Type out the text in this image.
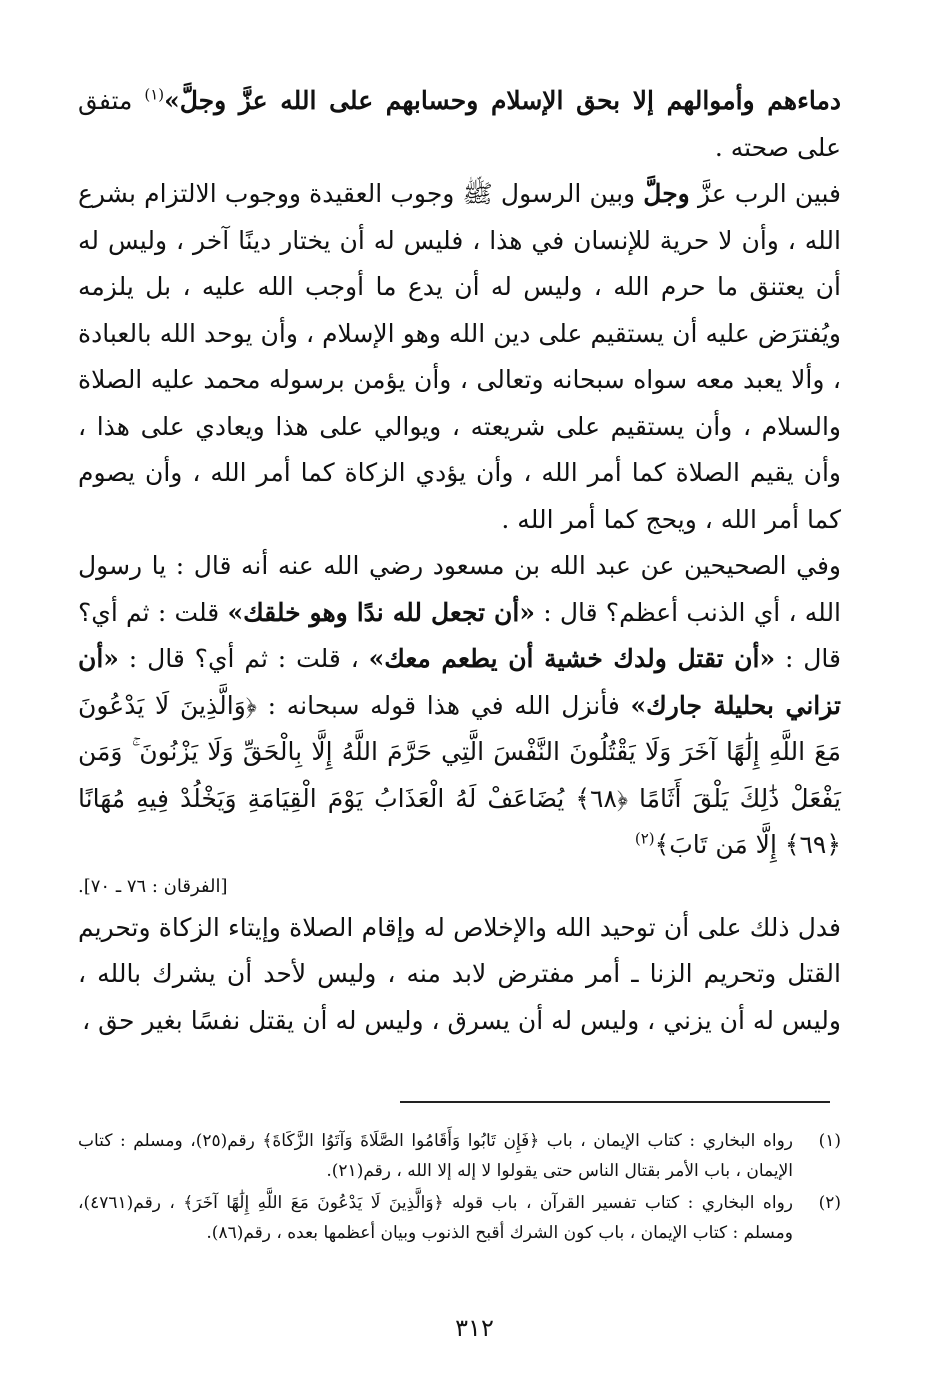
دماءهم وأموالهم إلا بحق الإسلام وحسابهم على الله عزَّ وجلَّ»$^{(١)}$ متفق على صحته .

فبين الرب عزَّ وجلَّ وبين الرسول ﷺ وجوب العقيدة ووجوب الالتزام بشرع الله ، وأن لا حرية للإنسان في هذا ، فليس له أن يختار دينًا آخر ، وليس له أن يعتنق ما حرم الله ، وليس له أن يدع ما أوجب الله عليه ، بل يلزمه ويُفترَض عليه أن يستقيم على دين الله وهو الإسلام ، وأن يوحد الله بالعبادة ، وألا يعبد معه سواه سبحانه وتعالى ، وأن يؤمن برسوله محمد عليه الصلاة والسلام ، وأن يستقيم على شريعته ، ويوالي على هذا ويعادي على هذا ، وأن يقيم الصلاة كما أمر الله ، وأن يؤدي الزكاة كما أمر الله ، وأن يصوم كما أمر الله ، ويحج كما أمر الله .

وفي الصحيحين عن عبد الله بن مسعود رضي الله عنه أنه قال : يا رسول الله ، أي الذنب أعظم؟ قال : «أن تجعل لله ندًا وهو خلقك» قلت : ثم أي؟ قال : «أن تقتل ولدك خشية أن يطعم معك» ، قلت : ثم أي؟ قال : «أن تزاني بحليلة جارك» فأنزل الله في هذا قوله سبحانه : ﴿وَالَّذِينَ لَا يَدْعُونَ مَعَ اللَّهِ إِلَٰهًا آخَرَ وَلَا يَقْتُلُونَ النَّفْسَ الَّتِي حَرَّمَ اللَّهُ إِلَّا بِالْحَقِّ وَلَا يَزْنُونَ ۚ وَمَن يَفْعَلْ ذَٰلِكَ يَلْقَ أَثَامًا ﴿٦٨﴾ يُضَاعَفْ لَهُ الْعَذَابُ يَوْمَ الْقِيَامَةِ وَيَخْلُدْ فِيهِ مُهَانًا ﴿٦٩﴾ إِلَّا مَن تَابَ﴾$^{(٢)}$

[الفرقان : ٧٦ ـ ٧٠].

فدل ذلك على أن توحيد الله والإخلاص له وإقام الصلاة وإيتاء الزكاة وتحريم القتل وتحريم الزنا ـ أمر مفترض لابد منه ، وليس لأحد أن يشرك بالله ، وليس له أن يزني ، وليس له أن يسرق ، وليس له أن يقتل نفسًا بغير حق ،

(١)
رواه البخاري : كتاب الإيمان ، باب ﴿فَإِن تَابُوا وَأَقَامُوا الصَّلَاةَ وَآتَوُا الزَّكَاةَ﴾ رقم(٢٥)، ومسلم : كتاب الإيمان ، باب الأمر بقتال الناس حتى يقولوا لا إله إلا الله ، رقم(٢١).
(٢)
رواه البخاري : كتاب تفسير القرآن ، باب قوله ﴿وَالَّذِينَ لَا يَدْعُونَ مَعَ اللَّهِ إِلَٰهًا آخَرَ﴾ ، رقم(٤٧٦١)، ومسلم : كتاب الإيمان ، باب كون الشرك أقبح الذنوب وبيان أعظمها بعده ، رقم(٨٦).
٣١٢
